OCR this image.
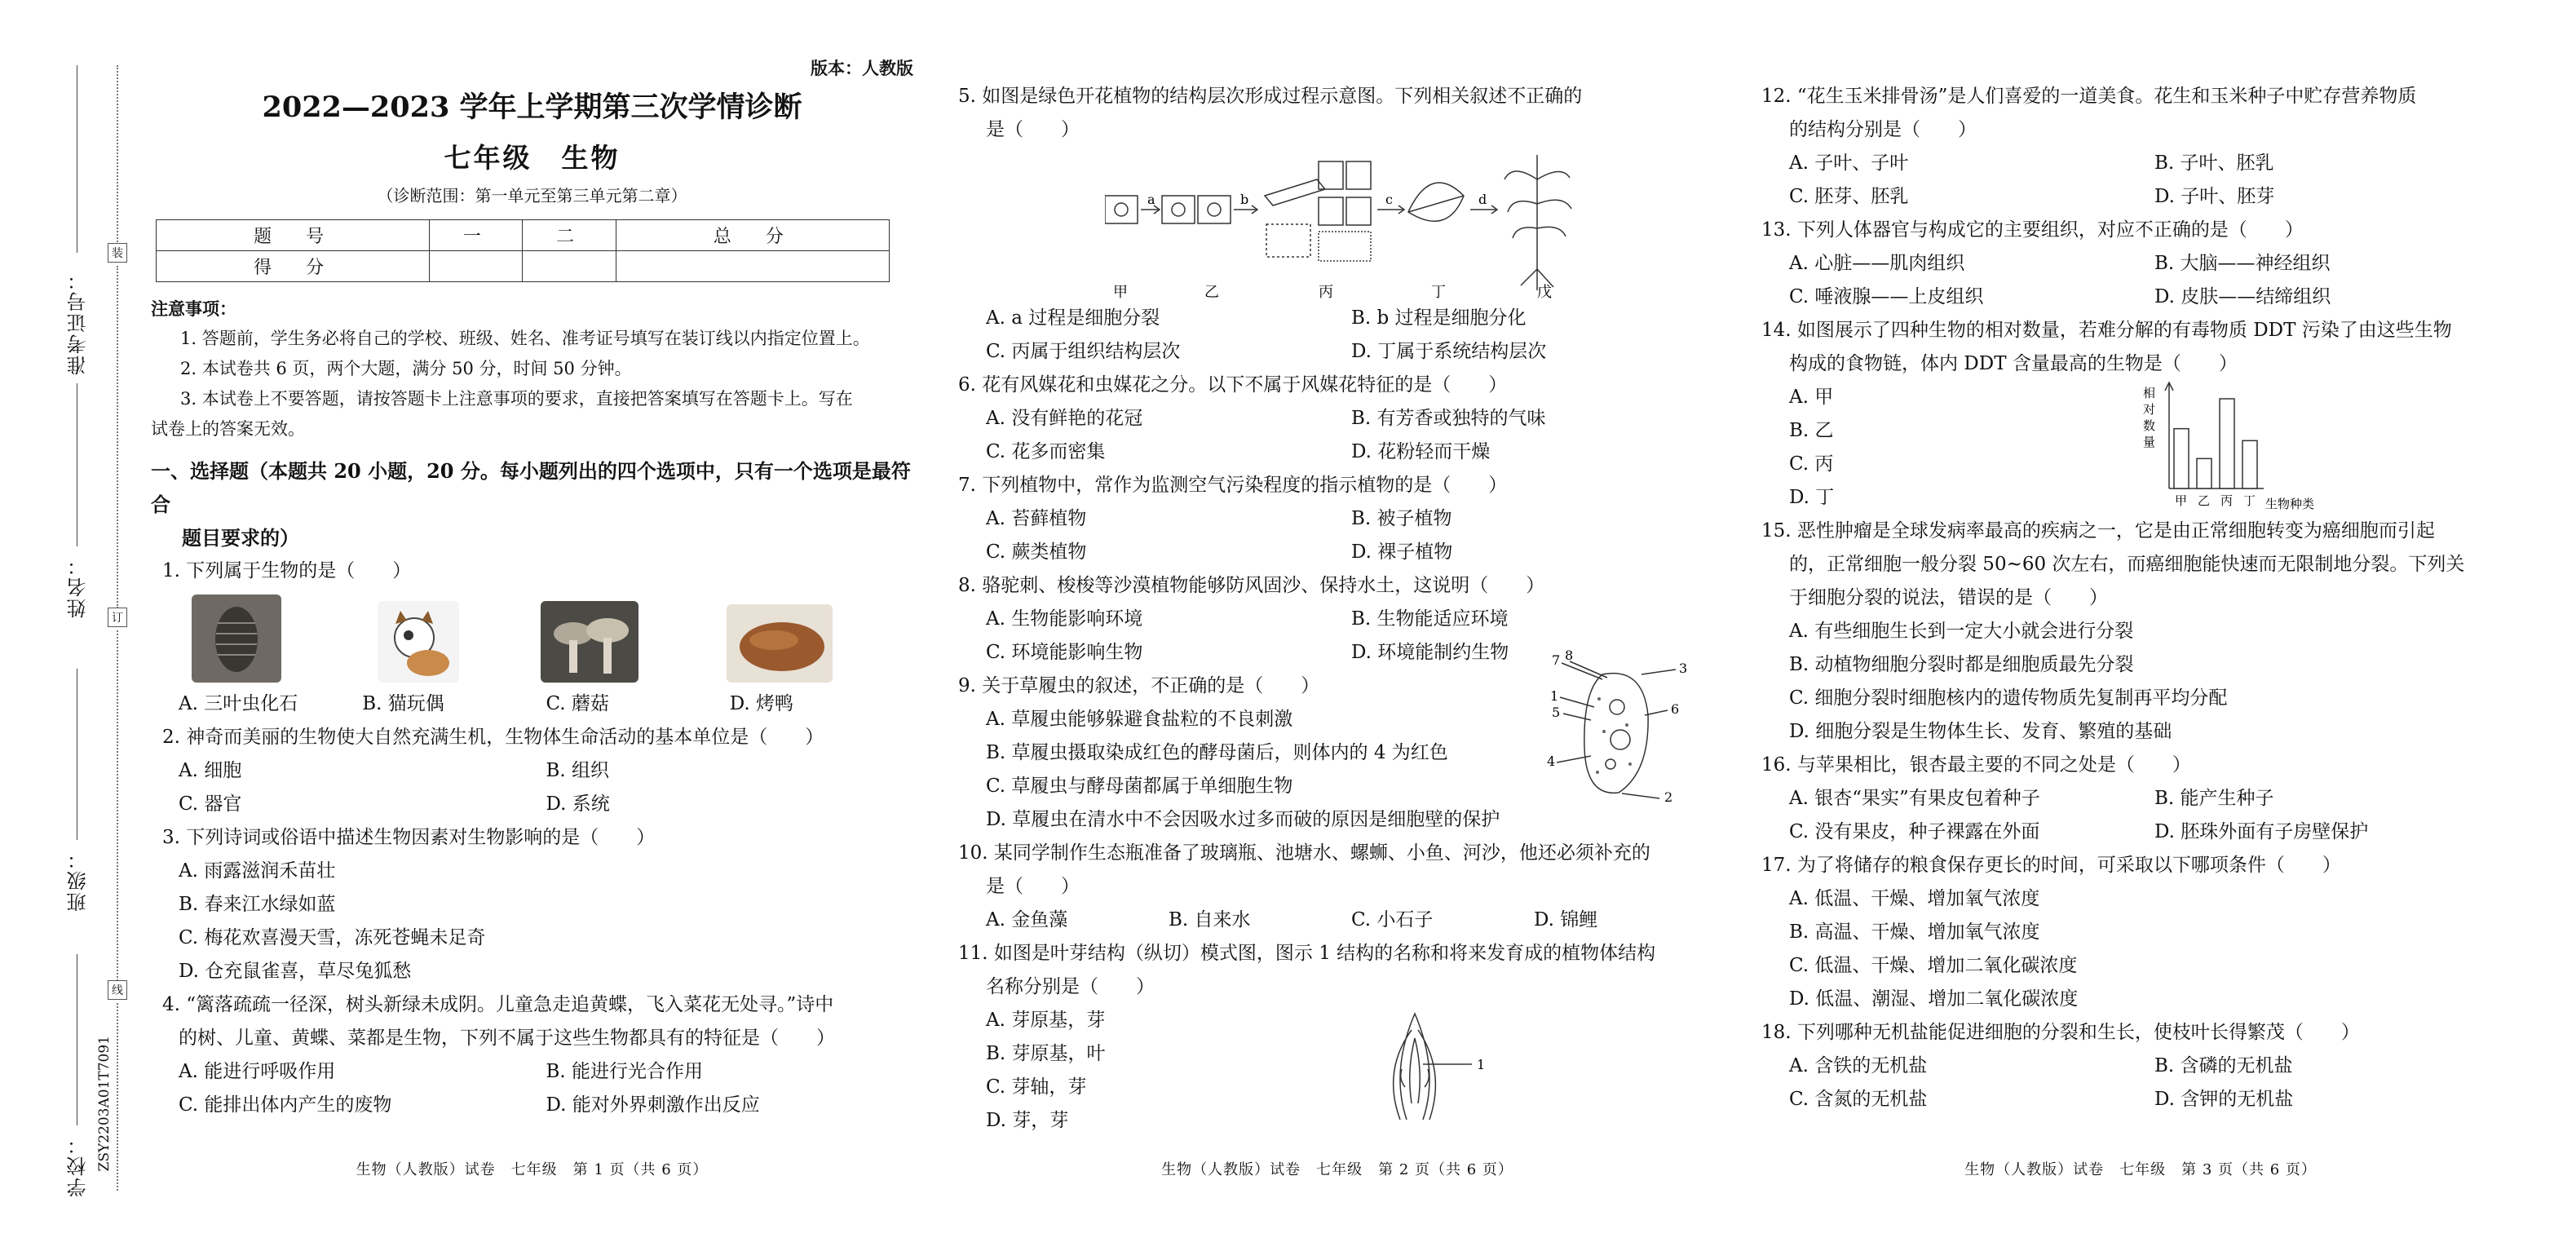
装
订
线
准考证号：
姓名：
班级：
学校： ZSY2203A01T7091
版本：人教版
2022—2023 学年上学期第三次学情诊断
七年级　生物
（诊断范围：第一单元至第三单元第二章）
题　号	一	二	总　分
得　分			
注意事项：
1. 答题前，学生务必将自己的学校、班级、姓名、准考证号填写在装订线以内指定位置上。
2. 本试卷共 6 页，两个大题，满分 50 分，时间 50 分钟。
3. 本试卷上不要答题，请按答题卡上注意事项的要求，直接把答案填写在答题卡上。写在
试卷上的答案无效。
一、选择题（本题共 20 小题，20 分。每小题列出的四个选项中，只有一个选项是最符合
题目要求的）
1. 下列属于生物的是（　　）
A. 三叶虫化石	B. 猫玩偶	C. 蘑菇	D. 烤鸭
2. 神奇而美丽的生物使大自然充满生机，生物体生命活动的基本单位是（　　）
A. 细胞	B. 组织
C. 器官	D. 系统
3. 下列诗词或俗语中描述生物因素对生物影响的是（　　）
A. 雨露滋润禾苗壮
B. 春来江水绿如蓝
C. 梅花欢喜漫天雪，冻死苍蝇未足奇
D. 仓充鼠雀喜，草尽兔狐愁
4. “篱落疏疏一径深，树头新绿未成阴。儿童急走追黄蝶，飞入菜花无处寻。”诗中
的树、儿童、黄蝶、菜都是生物，下列不属于这些生物都具有的特征是（　　）
A. 能进行呼吸作用	B. 能进行光合作用
C. 能排出体内产生的废物	D. 能对外界刺激作出反应
生物（人教版）试卷　七年级　第 1 页（共 6 页）
5. 如图是绿色开花植物的结构层次形成过程示意图。下列相关叙述不正确的
是（　　）
a	b	c	d
甲	乙	丙	丁	戊
A. a 过程是细胞分裂	B. b 过程是细胞分化
C. 丙属于组织结构层次	D. 丁属于系统结构层次
6. 花有风媒花和虫媒花之分。以下不属于风媒花特征的是（　　）
A. 没有鲜艳的花冠	B. 有芳香或独特的气味
C. 花多而密集	D. 花粉轻而干燥
7. 下列植物中，常作为监测空气污染程度的指示植物的是（　　）
A. 苔藓植物	B. 被子植物
C. 蕨类植物	D. 裸子植物
8. 骆驼刺、梭梭等沙漠植物能够防风固沙、保持水土，这说明（　　）
A. 生物能影响环境	B. 生物能适应环境
C. 环境能影响生物	D. 环境能制约生物
9. 关于草履虫的叙述，不正确的是（　　）
A. 草履虫能够躲避食盐粒的不良刺激
B. 草履虫摄取染成红色的酵母菌后，则体内的 4 为红色
C. 草履虫与酵母菌都属于单细胞生物
D. 草履虫在清水中不会因吸水过多而破的原因是细胞壁的保护
7 8
3
1
5	6
4
2
10. 某同学制作生态瓶准备了玻璃瓶、池塘水、螺蛳、小鱼、河沙，他还必须补充的
是（　　）
A. 金鱼藻	B. 自来水	C. 小石子	D. 锦鲤
11. 如图是叶芽结构（纵切）模式图，图示 1 结构的名称和将来发育成的植物体结构
名称分别是（　　）
A. 芽原基，芽
B. 芽原基，叶
C. 芽轴，芽
D. 芽，芽
1
生物（人教版）试卷　七年级　第 2 页（共 6 页）
12. “花生玉米排骨汤”是人们喜爱的一道美食。花生和玉米种子中贮存营养物质
的结构分别是（　　）
A. 子叶、子叶	B. 子叶、胚乳
C. 胚芽、胚乳	D. 子叶、胚芽
13. 下列人体器官与构成它的主要组织，对应不正确的是（　　）
A. 心脏——肌肉组织	B. 大脑——神经组织
C. 唾液腺——上皮组织	D. 皮肤——结缔组织
14. 如图展示了四种生物的相对数量，若难分解的有毒物质 DDT 污染了由这些生物
构成的食物链，体内 DDT 含量最高的生物是（　　）
A. 甲
B. 乙
C. 丙
D. 丁
相
对
数
量
甲 乙 丙 丁 生物种类
15. 恶性肿瘤是全球发病率最高的疾病之一，它是由正常细胞转变为癌细胞而引起
的，正常细胞一般分裂 50~60 次左右，而癌细胞能快速而无限制地分裂。下列关
于细胞分裂的说法，错误的是（　　）
A. 有些细胞生长到一定大小就会进行分裂
B. 动植物细胞分裂时都是细胞质最先分裂
C. 细胞分裂时细胞核内的遗传物质先复制再平均分配
D. 细胞分裂是生物体生长、发育、繁殖的基础
16. 与苹果相比，银杏最主要的不同之处是（　　）
A. 银杏“果实”有果皮包着种子	B. 能产生种子
C. 没有果皮，种子裸露在外面	D. 胚珠外面有子房壁保护
17. 为了将储存的粮食保存更长的时间，可采取以下哪项条件（　　）
A. 低温、干燥、增加氧气浓度
B. 高温、干燥、增加氧气浓度
C. 低温、干燥、增加二氧化碳浓度
D. 低温、潮湿、增加二氧化碳浓度
18. 下列哪种无机盐能促进细胞的分裂和生长，使枝叶长得繁茂（　　）
A. 含铁的无机盐	B. 含磷的无机盐
C. 含氮的无机盐	D. 含钾的无机盐
生物（人教版）试卷　七年级　第 3 页（共 6 页）
